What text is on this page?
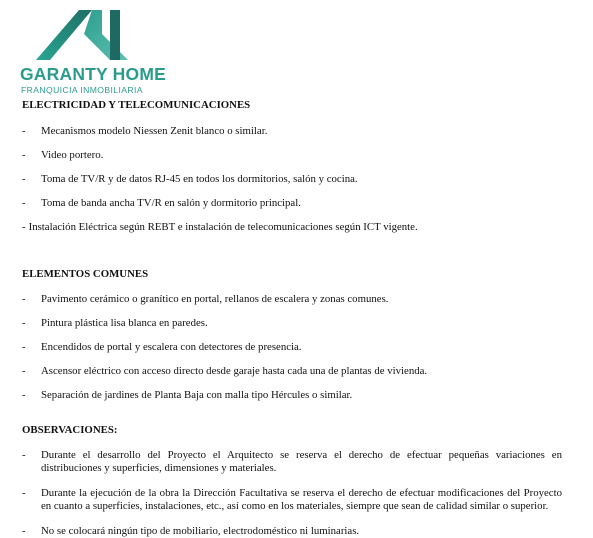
GARANTY HOME
FRANQUICIA INMOBILIARIA

ELECTRICIDAD Y TELECOMUNICACIONES

- Mecanismos modelo Niessen Zenit blanco o similar.

- Video portero.

- Toma de TV/R y de datos RJ-45 en todos los dormitorios, salón y cocina.

- Toma de banda ancha TV/R en salón y dormitorio principal.

- Instalación Eléctrica según REBT e instalación de telecomunicaciones según ICT vigente.

ELEMENTOS COMUNES

- Pavimento cerámico o granítico en portal, rellanos de escalera y zonas comunes.

- Pintura plástica lisa blanca en paredes.

- Encendidos de portal y escalera con detectores de presencia.

- Ascensor eléctrico con acceso directo desde garaje hasta cada una de plantas de vivienda.

- Separación de jardines de Planta Baja con malla tipo Hércules o similar.

OBSERVACIONES:

- Durante el desarrollo del Proyecto el Arquitecto se reserva el derecho de efectuar pequeñas variaciones en distribuciones y superficies, dimensiones y materiales.

- Durante la ejecución de la obra la Dirección Facultativa se reserva el derecho de efectuar modificaciones del Proyecto en cuanto a superficies, instalaciones, etc., así como en los materiales, siempre que sean de calidad similar o superior.

- No se colocará ningún tipo de mobiliario, electrodoméstico ni luminarias.
